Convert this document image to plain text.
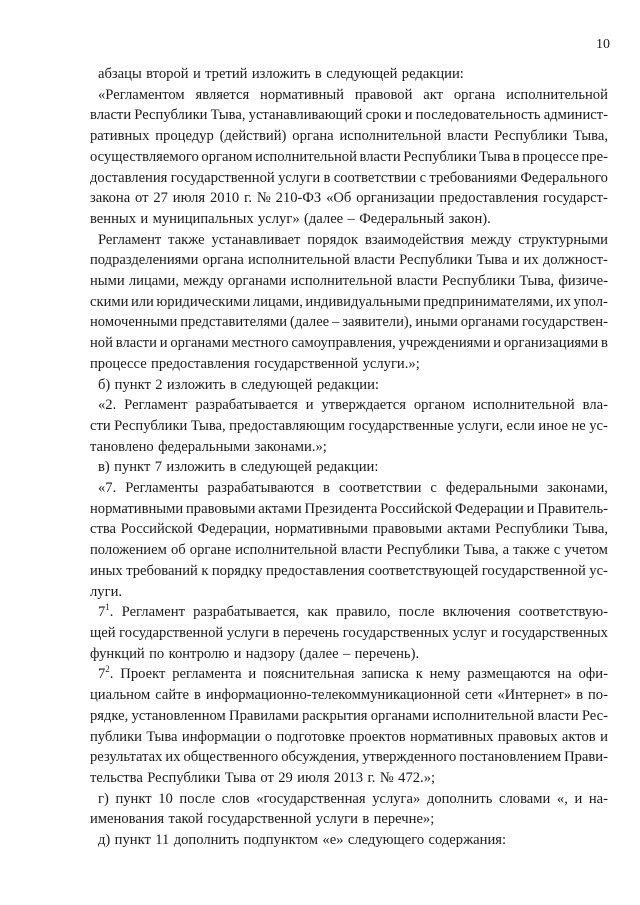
10
абзацы второй и третий изложить в следующей редакции:
«Регламентом является нормативный правовой акт органа исполнительной
власти Республики Тыва, устанавливающий сроки и последовательность админист-
ративных процедур (действий) органа исполнительной власти Республики Тыва,
осуществляемого органом исполнительной власти Республики Тыва в процессе пре-
доставления государственной услуги в соответствии с требованиями Федерального
закона от 27 июля 2010 г. № 210-ФЗ «Об организации предоставления государст-
венных и муниципальных услуг» (далее – Федеральный закон).
Регламент также устанавливает порядок взаимодействия между структурными
подразделениями органа исполнительной власти Республики Тыва и их должност-
ными лицами, между органами исполнительной власти Республики Тыва, физиче-
скими или юридическими лицами, индивидуальными предпринимателями, их упол-
номоченными представителями (далее – заявители), иными органами государствен-
ной власти и органами местного самоуправления, учреждениями и организациями в
процессе предоставления государственной услуги.»;
б) пункт 2 изложить в следующей редакции:
«2. Регламент разрабатывается и утверждается органом исполнительной вла-
сти Республики Тыва, предоставляющим государственные услуги, если иное не ус-
тановлено федеральными законами.»;
в) пункт 7 изложить в следующей редакции:
«7. Регламенты разрабатываются в соответствии с федеральными законами,
нормативными правовыми актами Президента Российской Федерации и Правитель-
ства Российской Федерации, нормативными правовыми актами Республики Тыва,
положением об органе исполнительной власти Республики Тыва, а также с учетом
иных требований к порядку предоставления соответствующей государственной ус-
луги.
$7^1$. Регламент разрабатывается, как правило, после включения соответствую-
щей государственной услуги в перечень государственных услуг и государственных
функций по контролю и надзору (далее – перечень).
$7^2$. Проект регламента и пояснительная записка к нему размещаются на офи-
циальном сайте в информационно-телекоммуникационной сети «Интернет» в по-
рядке, установленном Правилами раскрытия органами исполнительной власти Рес-
публики Тыва информации о подготовке проектов нормативных правовых актов и
результатах их общественного обсуждения, утвержденного постановлением Прави-
тельства Республики Тыва от 29 июля 2013 г. № 472.»;
г) пункт 10 после слов «государственная услуга» дополнить словами «, и на-
именования такой государственной услуги в перечне»;
д) пункт 11 дополнить подпунктом «е» следующего содержания:
